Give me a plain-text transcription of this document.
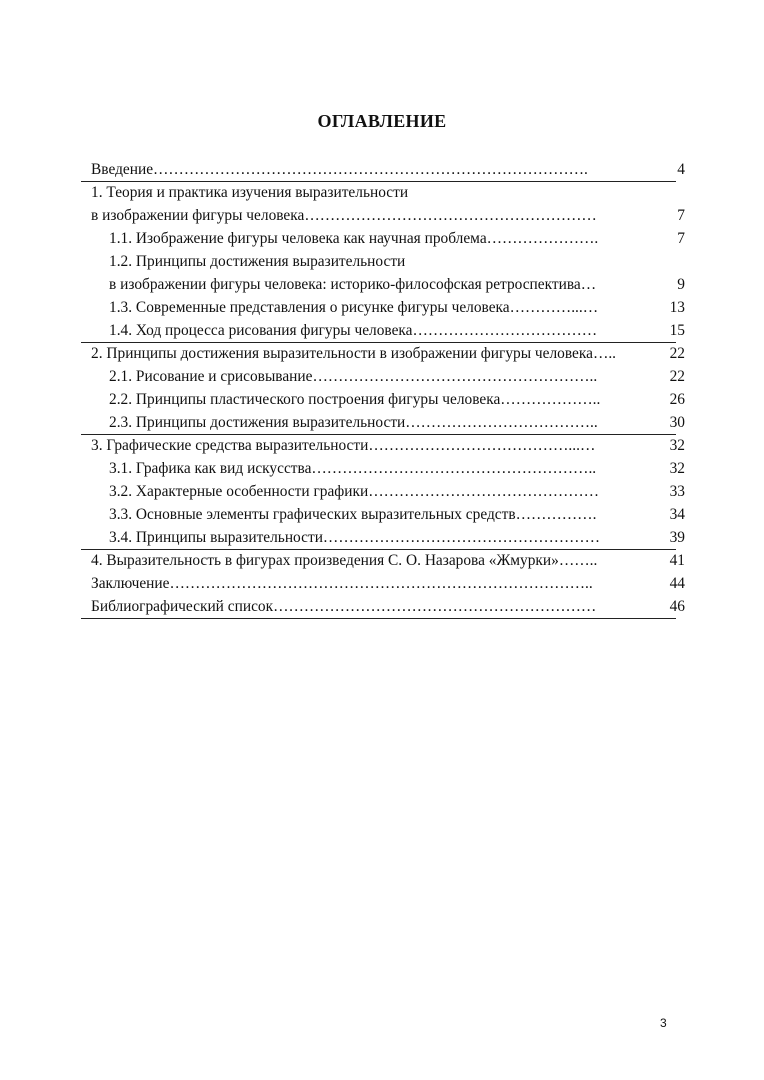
ОГЛАВЛЕНИЕ
Введение………………………………………………………………………….	4
1. Теория и практика изучения выразительности
в изображении фигуры человека…………………………………………………	7
1.1. Изображение фигуры человека как научная проблема………………….	7
1.2. Принципы достижения выразительности
в изображении фигуры человека: историко-философская ретроспектива…	9
1.3. Современные представления о рисунке фигуры человека…………...…	13
1.4. Ход процесса рисования фигуры человека………………………………	15
2. Принципы достижения выразительности в изображении фигуры человека…..	22
2.1. Рисование и срисовывание………………………………………………..	22
2.2. Принципы пластического построения фигуры человека………………..	26
2.3. Принципы достижения выразительности………………………………..	30
3. Графические средства выразительности…………………………………...…	32
3.1. Графика как вид искусства………………………………………………..	32
3.2. Характерные особенности графики………………………………………	33
3.3. Основные элементы графических выразительных средств…………….	34
3.4. Принципы выразительности………………………………………………	39
4. Выразительность в фигурах произведения С. О. Назарова «Жмурки»……..	41
Заключение………………………………………………………………………..	44
Библиографический список………………………………………………………	46
3
